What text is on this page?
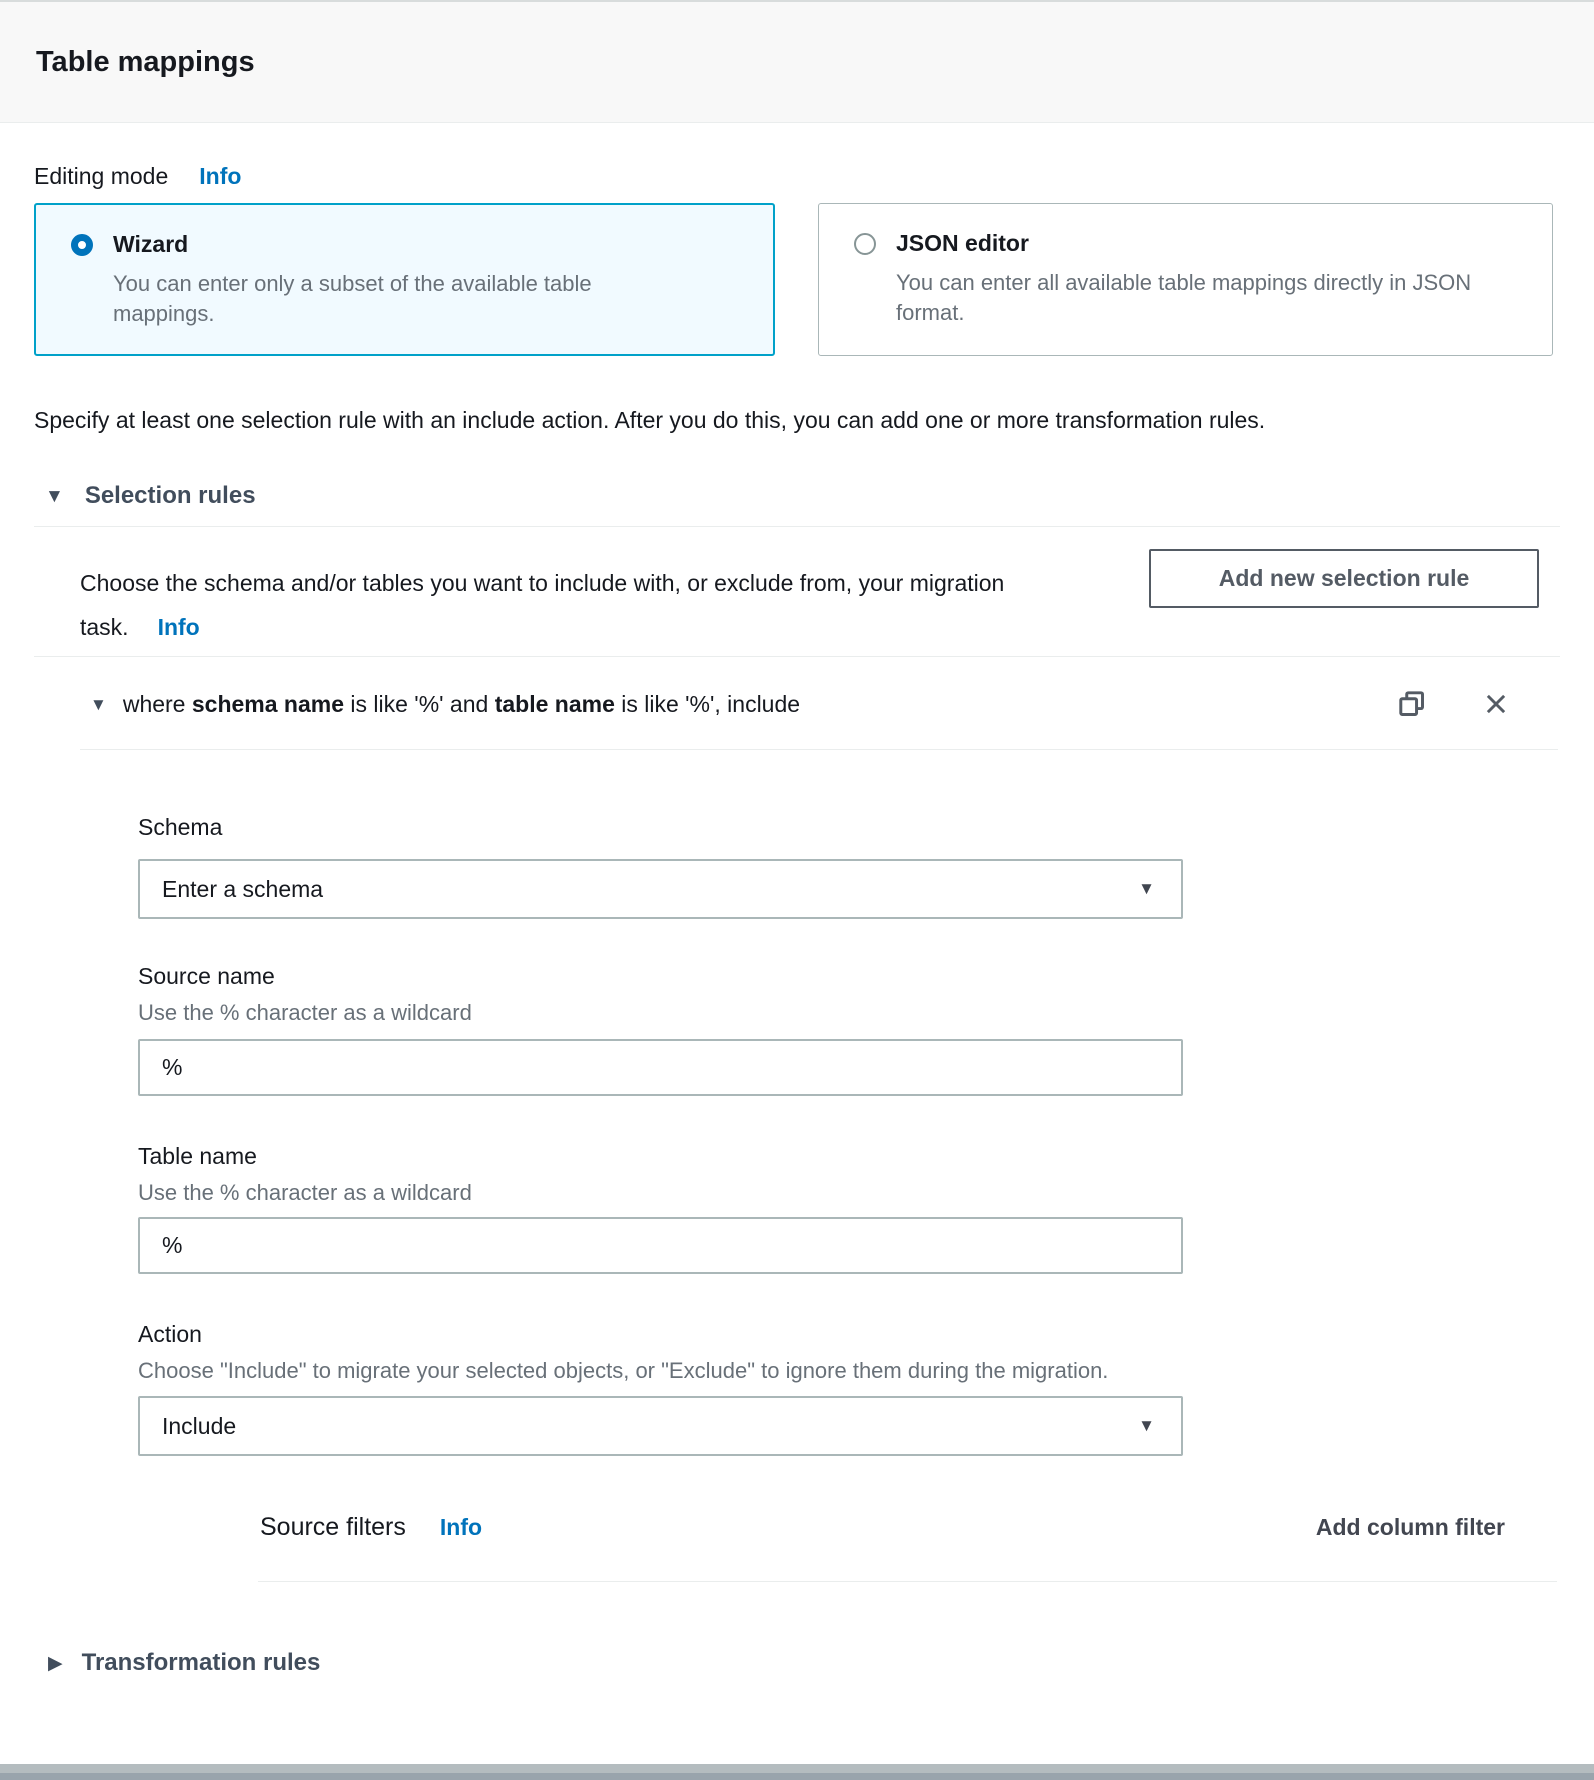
Table mappings
Editing mode Info
Wizard
You can enter only a subset of the available table mappings.
JSON editor
You can enter all available table mappings directly in JSON format.

Specify at least one selection rule with an include action. After you do this, you can add one or more transformation rules.

▼ Selection rules
Choose the schema and/or tables you want to include with, or exclude from, your migration task. Info
Add new selection rule
▼ where schema name is like '%' and table name is like '%', include
Schema
Enter a schema	▼
Source name
Use the % character as a wildcard
%
Table name
Use the % character as a wildcard
%
Action
Choose "Include" to migrate your selected objects, or "Exclude" to ignore them during the migration.
Include	▼
Source filters Info	Add column filter
▶ Transformation rules
